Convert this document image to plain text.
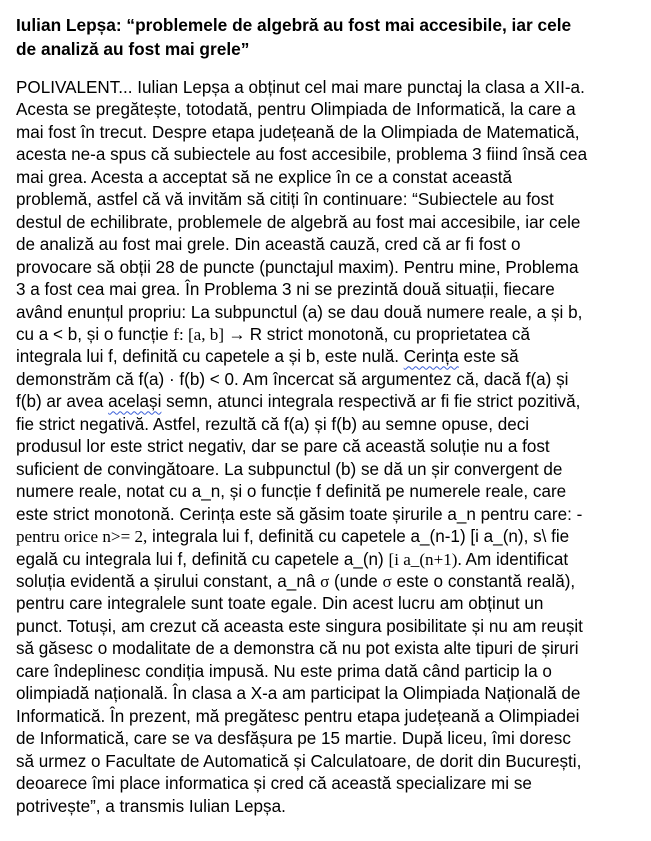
Iulian Lepșa: “problemele de algebră au fost mai accesibile, iar cele
de analiză au fost mai grele”
POLIVALENT... Iulian Lepșa a obținut cel mai mare punctaj la clasa a XII-a.
Acesta se pregătește, totodată, pentru Olimpiada de Informatică, la care a
mai fost în trecut. Despre etapa județeană de la Olimpiada de Matematică,
acesta ne-a spus că subiectele au fost accesibile, problema 3 fiind însă cea
mai grea. Acesta a acceptat să ne explice în ce a constat această
problemă, astfel că vă invităm să citiți în continuare: “Subiectele au fost
destul de echilibrate, problemele de algebră au fost mai accesibile, iar cele
de analiză au fost mai grele. Din această cauză, cred că ar fi fost o
provocare să obții 28 de puncte (punctajul maxim). Pentru mine, Problema
3 a fost cea mai grea. În Problema 3 ni se prezintă două situații, fiecare
având enunțul propriu: La subpunctul (a) se dau două numere reale, a și b,
cu a < b, și o funcție f: [a, b] → R strict monotonă, cu proprietatea că
integrala lui f, definită cu capetele a și b, este nulă. Cerința este să
demonstrăm că f(a) · f(b) < 0. Am încercat să argumentez că, dacă f(a) și
f(b) ar avea același semn, atunci integrala respectivă ar fi fie strict pozitivă,
fie strict negativă. Astfel, rezultă că f(a) și f(b) au semne opuse, deci
produsul lor este strict negativ, dar se pare că această soluție nu a fost
suficient de convingătoare. La subpunctul (b) se dă un șir convergent de
numere reale, notat cu a_n, și o funcție f definită pe numerele reale, care
este strict monotonă. Cerința este să găsim toate șirurile a_n pentru care: -
pentru orice n>= 2, integrala lui f, definită cu capetele a_(n-1) [i a_(n), s\ fie
egală cu integrala lui f, definită cu capetele a_(n) [i a_(n+1). Am identificat
soluția evidentă a șirului constant, a_nâ σ (unde σ este o constantă reală),
pentru care integralele sunt toate egale. Din acest lucru am obținut un
punct. Totuși, am crezut că aceasta este singura posibilitate și nu am reușit
să găsesc o modalitate de a demonstra că nu pot exista alte tipuri de șiruri
care îndeplinesc condiția impusă. Nu este prima dată când particip la o
olimpiadă națională. În clasa a X-a am participat la Olimpiada Națională de
Informatică. În prezent, mă pregătesc pentru etapa județeană a Olimpiadei
de Informatică, care se va desfășura pe 15 martie. După liceu, îmi doresc
să urmez o Facultate de Automatică și Calculatoare, de dorit din București,
deoarece îmi place informatica și cred că această specializare mi se
potrivește”, a transmis Iulian Lepșa.
